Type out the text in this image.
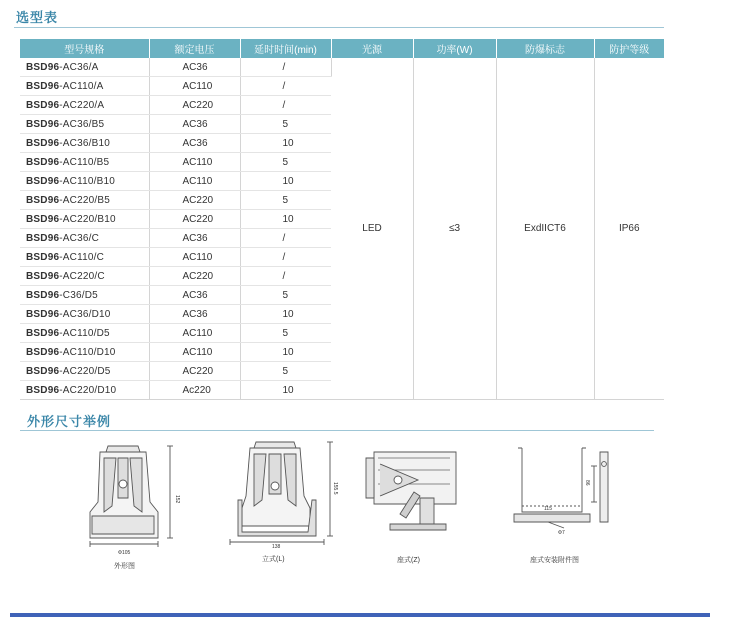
选型表
型号规格	额定电压	延时时间(min)	光源	功率(W)	防爆标志	防护等级
BSD96-AC36/A	AC36	/	LED	≤3	ExdIICT6	IP66
BSD96-AC110/A	AC110	/				
BSD96-AC220/A	AC220	/				
BSD96-AC36/B5	AC36	5				
BSD96-AC36/B10	AC36	10				
BSD96-AC110/B5	AC110	5				
BSD96-AC110/B10	AC110	10				
BSD96-AC220/B5	AC220	5				
BSD96-AC220/B10	AC220	10				
BSD96-AC36/C	AC36	/				
BSD96-AC110/C	AC110	/				
BSD96-AC220/C	AC220	/				
BSD96-C36/D5	AC36	5				
BSD96-AC36/D10	AC36	10				
BSD96-AC110/D5	AC110	5				
BSD96-AC110/D10	AC110	10				
BSD96-AC220/D5	AC220	5				
BSD96-AC220/D10	Ac220	10				
外形尺寸举例
Φ105
152
外形图
138
155.5
立式(L)	座式(Z)
115
Φ7
86
座式安装附件图
